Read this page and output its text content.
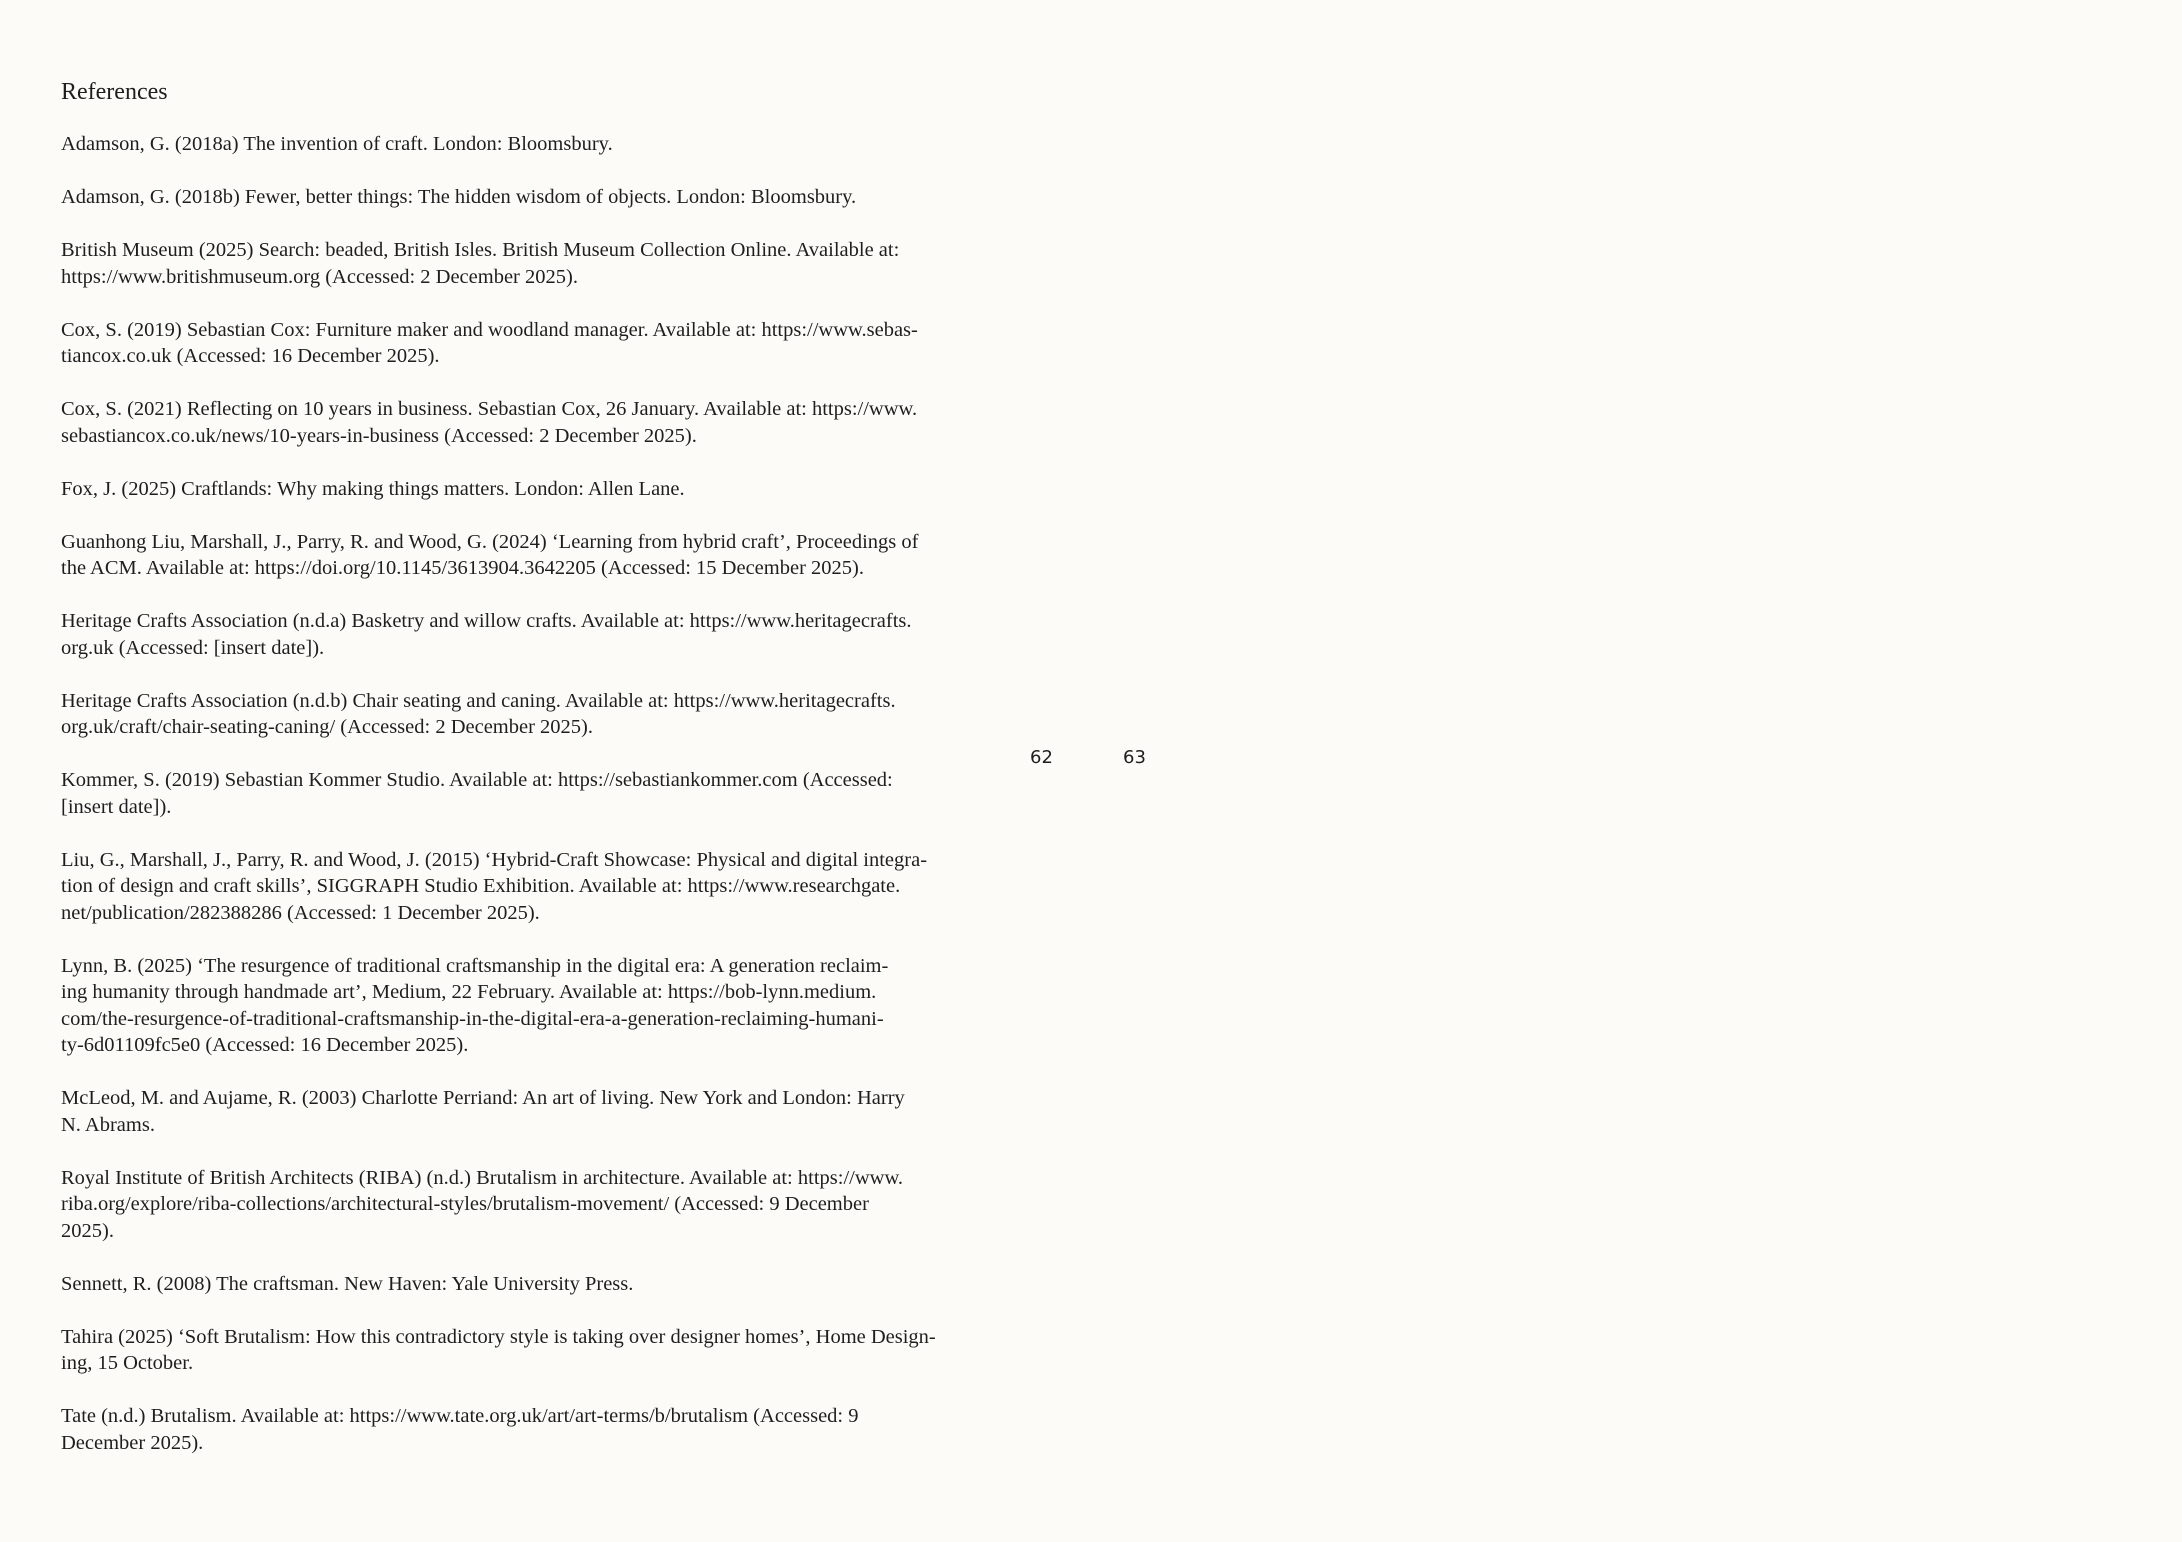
References
Adamson, G. (2018a) The invention of craft. London: Bloomsbury.
Adamson, G. (2018b) Fewer, better things: The hidden wisdom of objects. London: Bloomsbury.
British Museum (2025) Search: beaded, British Isles. British Museum Collection Online. Available at:
https://www.britishmuseum.org (Accessed: 2 December 2025).
Cox, S. (2019) Sebastian Cox: Furniture maker and woodland manager. Available at: https://www.sebas-
tiancox.co.uk (Accessed: 16 December 2025).
Cox, S. (2021) Reflecting on 10 years in business. Sebastian Cox, 26 January. Available at: https://www.
sebastiancox.co.uk/news/10-years-in-business (Accessed: 2 December 2025).
Fox, J. (2025) Craftlands: Why making things matters. London: Allen Lane.
Guanhong Liu, Marshall, J., Parry, R. and Wood, G. (2024) ‘Learning from hybrid craft’, Proceedings of
the ACM. Available at: https://doi.org/10.1145/3613904.3642205 (Accessed: 15 December 2025).
Heritage Crafts Association (n.d.a) Basketry and willow crafts. Available at: https://www.heritagecrafts.
org.uk (Accessed: [insert date]).
Heritage Crafts Association (n.d.b) Chair seating and caning. Available at: https://www.heritagecrafts.
org.uk/craft/chair-seating-caning/ (Accessed: 2 December 2025).
Kommer, S. (2019) Sebastian Kommer Studio. Available at: https://sebastiankommer.com (Accessed:
[insert date]).
Liu, G., Marshall, J., Parry, R. and Wood, J. (2015) ‘Hybrid-Craft Showcase: Physical and digital integra-
tion of design and craft skills’, SIGGRAPH Studio Exhibition. Available at: https://www.researchgate.
net/publication/282388286 (Accessed: 1 December 2025).
Lynn, B. (2025) ‘The resurgence of traditional craftsmanship in the digital era: A generation reclaim-
ing humanity through handmade art’, Medium, 22 February. Available at: https://bob-lynn.medium.
com/the-resurgence-of-traditional-craftsmanship-in-the-digital-era-a-generation-reclaiming-humani-
ty-6d01109fc5e0 (Accessed: 16 December 2025).
McLeod, M. and Aujame, R. (2003) Charlotte Perriand: An art of living. New York and London: Harry
N. Abrams.
Royal Institute of British Architects (RIBA) (n.d.) Brutalism in architecture. Available at: https://www.
riba.org/explore/riba-collections/architectural-styles/brutalism-movement/ (Accessed: 9 December
2025).
Sennett, R. (2008) The craftsman. New Haven: Yale University Press.
Tahira (2025) ‘Soft Brutalism: How this contradictory style is taking over designer homes’, Home Design-
ing, 15 October.
Tate (n.d.) Brutalism. Available at: https://www.tate.org.uk/art/art-terms/b/brutalism (Accessed: 9
December 2025).
62	63
